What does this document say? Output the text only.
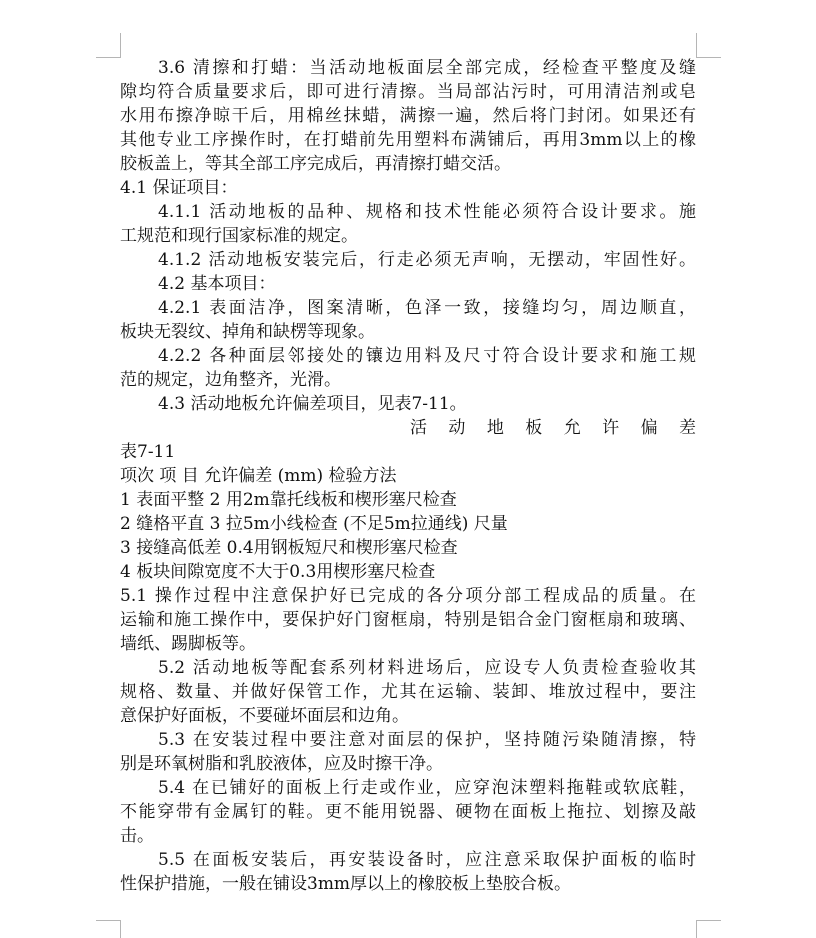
3.6 清擦和打蜡：当活动地板面层全部完成，经检查平整度及缝
隙均符合质量要求后，即可进行清擦。当局部沾污时，可用清洁剂或皂
水用布擦净晾干后，用棉丝抹蜡，满擦一遍，然后将门封闭。如果还有
其他专业工序操作时，在打蜡前先用塑料布满铺后，再用3mm以上的橡
胶板盖上，等其全部工序完成后，再清擦打蜡交活。
4.1 保证项目：
4.1.1 活动地板的品种、规格和技术性能必须符合设计要求。施
工规范和现行国家标准的规定。
4.1.2 活动地板安装完后，行走必须无声响，无摆动，牢固性好。
4.2 基本项目：
4.2.1 表面洁净，图案清晰，色泽一致，接缝均匀，周边顺直，
板块无裂纹、掉角和缺楞等现象。
4.2.2 各种面层邻接处的镶边用料及尺寸符合设计要求和施工规
范的规定，边角整齐，光滑。
4.3 活动地板允许偏差项目，见表7-11。
活动地板允许偏差
表7-11
项次 项 目 允许偏差 (mm) 检验方法
1 表面平整 2 用2m靠托线板和楔形塞尺检查
2 缝格平直 3 拉5m小线检查 (不足5m拉通线) 尺量
3 接缝高低差 0.4用钢板短尺和楔形塞尺检查
4 板块间隙宽度不大于0.3用楔形塞尺检查
5.1 操作过程中注意保护好已完成的各分项分部工程成品的质量。在
运输和施工操作中，要保护好门窗框扇，特别是铝合金门窗框扇和玻璃、
墙纸、踢脚板等。
5.2 活动地板等配套系列材料进场后，应设专人负责检查验收其
规格、数量、并做好保管工作，尤其在运输、装卸、堆放过程中，要注
意保护好面板，不要碰坏面层和边角。
5.3 在安装过程中要注意对面层的保护，坚持随污染随清擦，特
别是环氧树脂和乳胶液体，应及时擦干净。
5.4 在已铺好的面板上行走或作业，应穿泡沫塑料拖鞋或软底鞋，
不能穿带有金属钉的鞋。更不能用锐器、硬物在面板上拖拉、划擦及敲
击。
5.5 在面板安装后，再安装设备时，应注意采取保护面板的临时
性保护措施，一般在铺设3mm厚以上的橡胶板上垫胶合板。
